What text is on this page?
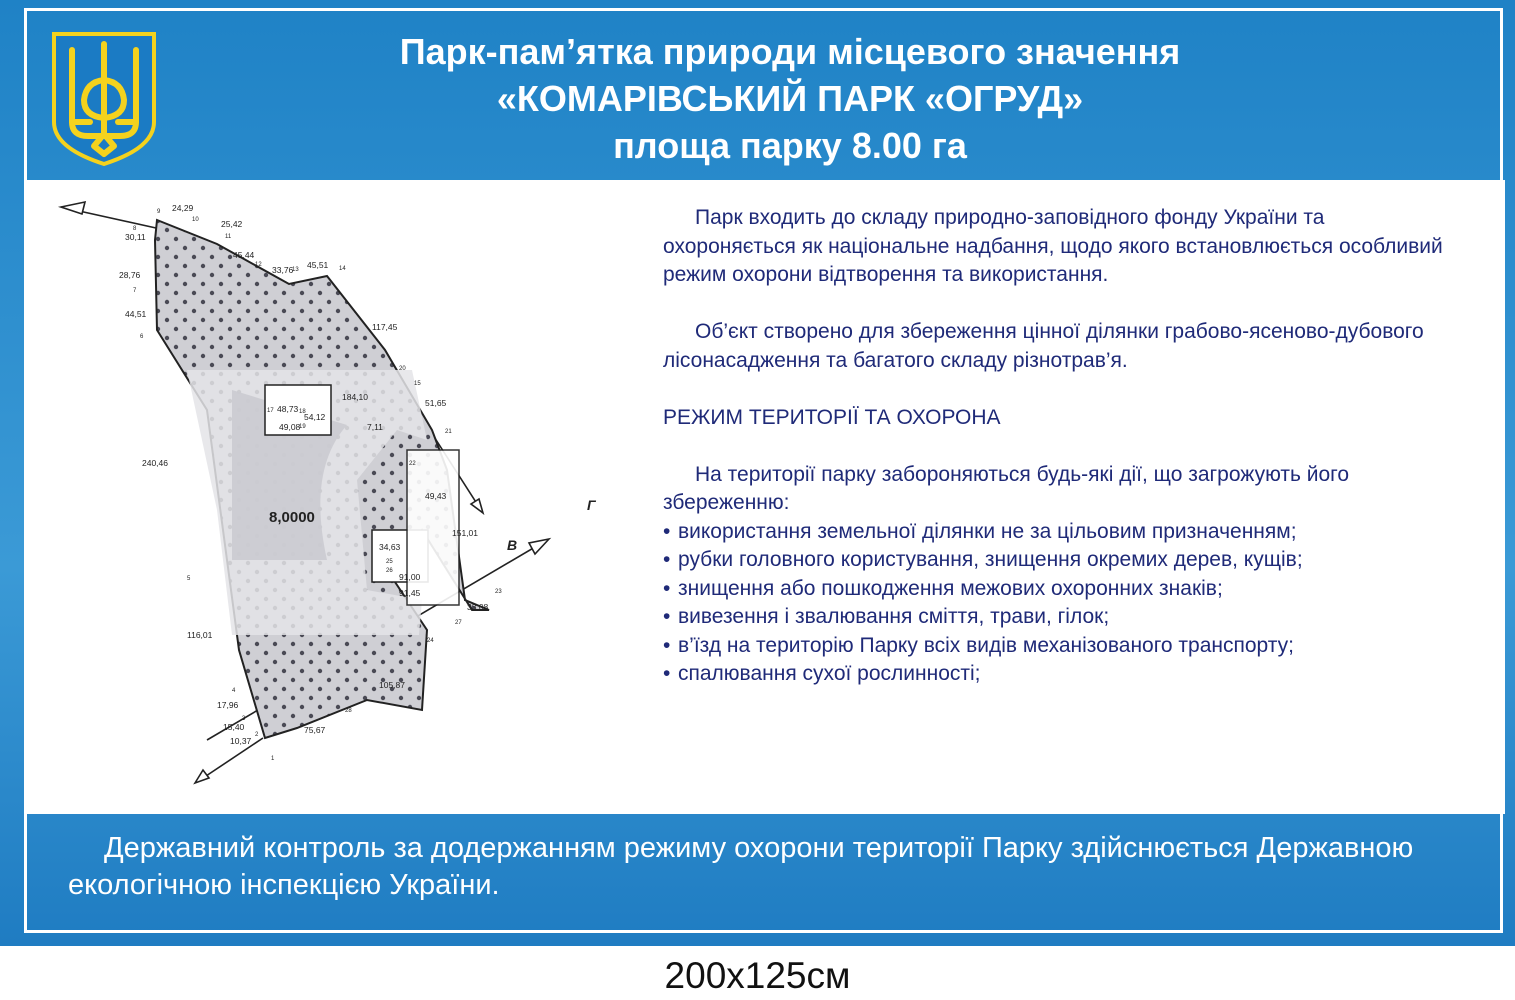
Парк-пам’ятка природи місцевого значення
«КОМАРІВСЬКИЙ ПАРК «ОГРУД»
площа парку 8.00 га

Державний контроль за додержанням режиму охорони території Парку здійснюється Державною екологічною інспекцією України.

8,0000
В
Г
24,29
25,42
30,11
45,44
33,76 45,51
28,76
44,51
117,45
48,73
54,12
184,10
49,08	7,11
51,65
240,46
49,43
151,01
34,63
91,00
91,45
33,08
116,01
105,87
17,96
15,40
10,37
75,67
9
10
11
8
12
13	14
7
6
20
15
17	18
19
21
22
25
26
23
27
24
5
4
3
2
1
28

Парк входить до складу природно-заповідного фонду України та охороняється як національне надбання, щодо якого встановлюється особливий режим охорони відтворення та використання.

Об’єкт створено для збереження цінної ділянки грабово-ясеново-дубового лісонасадження та багатого складу різнотрав’я.

РЕЖИМ ТЕРИТОРІЇ ТА ОХОРОНА

На території парку забороняються будь-які дії, що загрожують його збереженню:

• використання земельної ділянки не за цільовим призначенням;
• рубки головного користування, знищення окремих дерев, кущів;
• знищення або пошкодження межових охоронних знаків;
• вивезення і звалювання сміття, трави, гілок;
• в’їзд на територію Парку всіх видів механізованого транспорту;
• спалювання сухої рослинності;
200x125см
